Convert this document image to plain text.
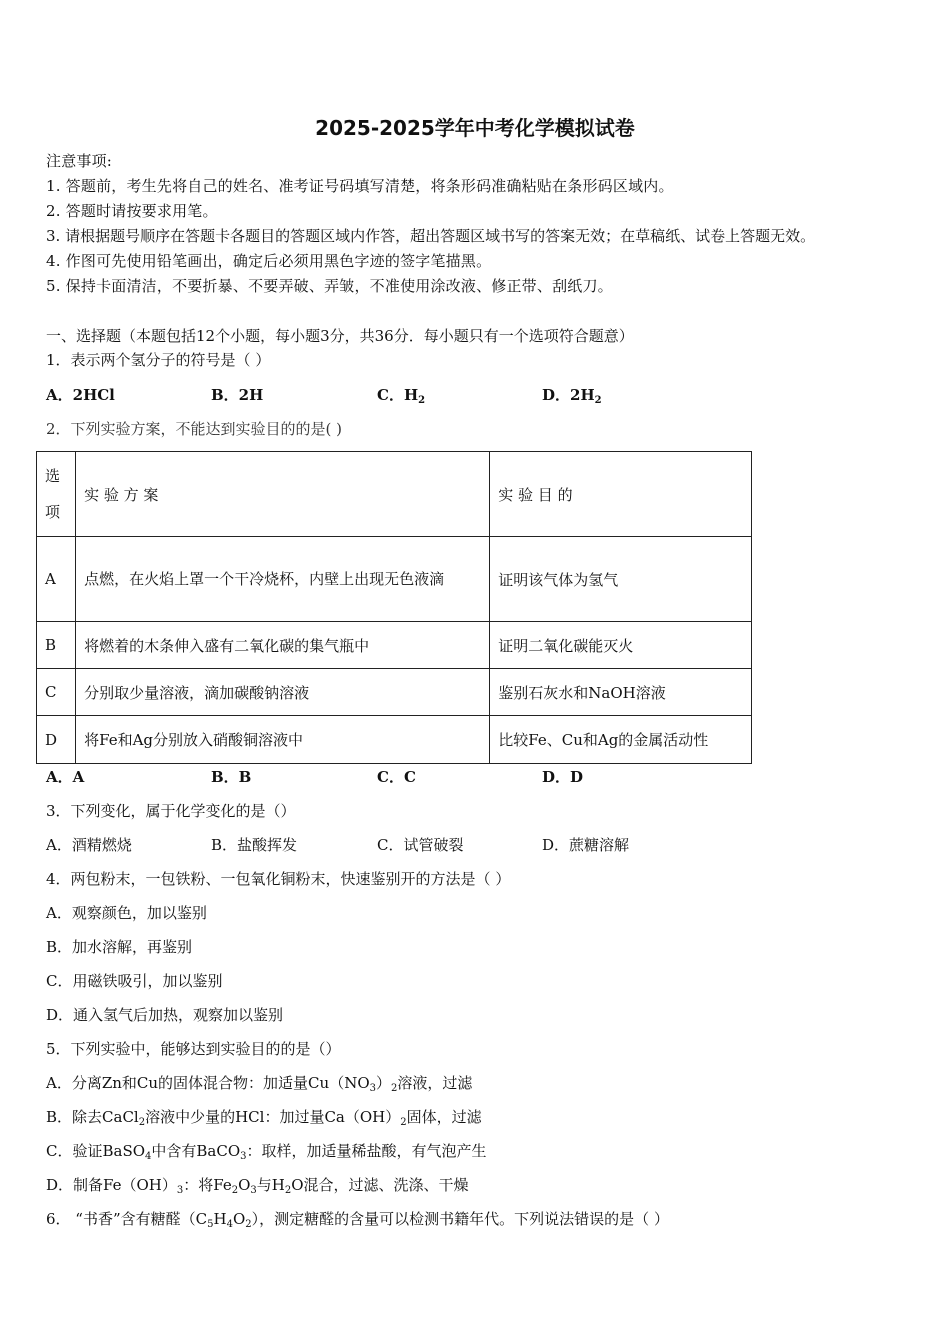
2025-2025学年中考化学模拟试卷
注意事项:
1. 答题前，考生先将自己的姓名、准考证号码填写清楚，将条形码准确粘贴在条形码区域内。
2. 答题时请按要求用笔。
3. 请根据题号顺序在答题卡各题目的答题区域内作答，超出答题区域书写的答案无效；在草稿纸、试卷上答题无效。
4. 作图可先使用铅笔画出，确定后必须用黑色字迹的签字笔描黑。
5. 保持卡面清洁，不要折暴、不要弄破、弄皱，不准使用涂改液、修正带、刮纸刀。
一、选择题（本题包括12个小题，每小题3分，共36分．每小题只有一个选项符合题意）
1．表示两个氢分子的符号是（ ）
A．2HCl	B．2H	C．$H_2$	D．$2H_2$
2．下列实验方案，不能达到实验目的的是( )
选
项	实 验 方 案	实 验 目 的
A	点燃，在火焰上罩一个干冷烧杯，内壁上出现无色液滴	证明该气体为氢气
B	将燃着的木条伸入盛有二氧化碳的集气瓶中	证明二氧化碳能灭火
C	分别取少量溶液，滴加碳酸钠溶液	鉴别石灰水和NaOH溶液
D	将Fe和Ag分别放入硝酸铜溶液中	比较Fe、Cu和Ag的金属活动性
A．A	B．B	C．C	D．D
3．下列变化，属于化学变化的是（）
A．酒精燃烧	B．盐酸挥发	C．试管破裂	D．蔗糖溶解
4．两包粉末，一包铁粉、一包氧化铜粉末，快速鉴别开的方法是（ ）
A．观察颜色，加以鉴别
B．加水溶解，再鉴别
C．用磁铁吸引，加以鉴别
D．通入氢气后加热，观察加以鉴别
5．下列实验中，能够达到实验目的的是（）
A．分离Zn和Cu的固体混合物：加适量$Cu(NO_3)_2$溶液，过滤
B．除去CaCl$_2$溶液中少量的HCl：加过量$Ca(OH)_2$固体，过滤
C．验证BaSO$_4$中含有BaCO$_3$：取样，加适量稀盐酸，有气泡产生
D．制备$Fe(OH)_3$：将$Fe_2O_3$与$H_2O$混合，过滤、洗涤、干燥
6． “书香”含有糖醛$(C_5H_4O_2)$，测定糖醛的含量可以检测书籍年代。下列说法错误的是（ ）
